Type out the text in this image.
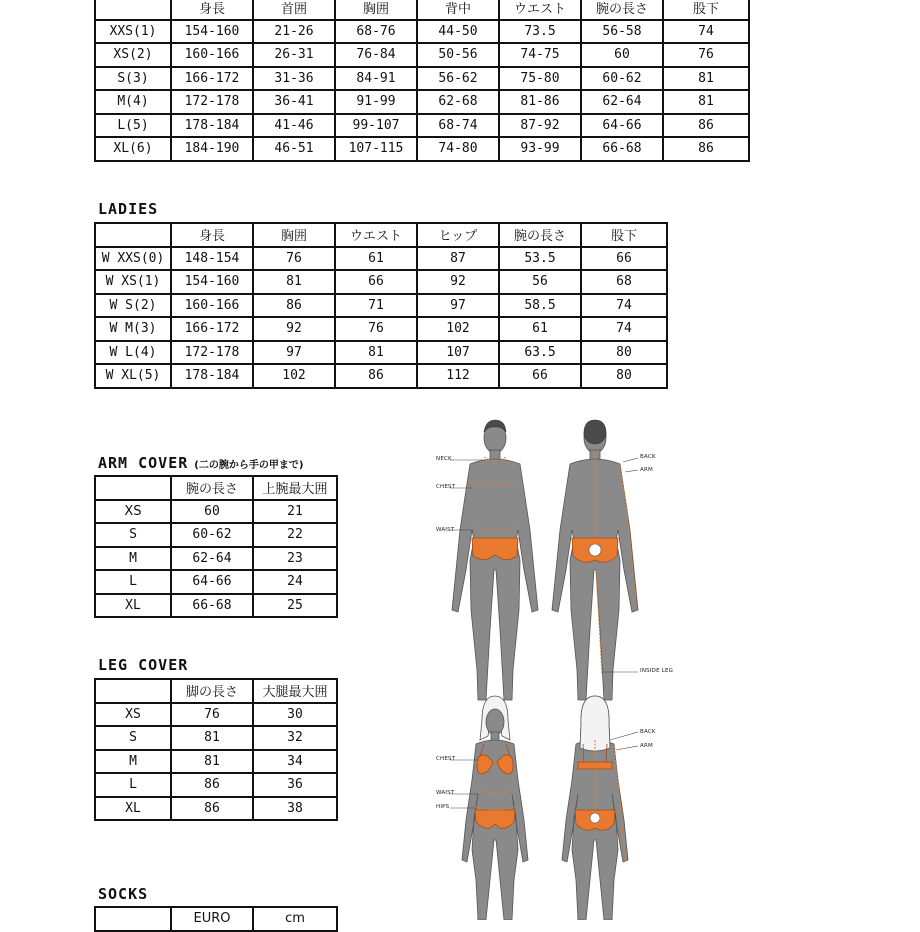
	身長	首囲	胸囲	背中	ウエスト	腕の長さ	股下
XXS(1)	154-160	21-26	68-76	44-50	73.5	56-58	74
XS(2)	160-166	26-31	76-84	50-56	74-75	60	76
S(3)	166-172	31-36	84-91	56-62	75-80	60-62	81
M(4)	172-178	36-41	91-99	62-68	81-86	62-64	81
L(5)	178-184	41-46	99-107	68-74	87-92	64-66	86
XL(6)	184-190	46-51	107-115	74-80	93-99	66-68	86
LADIES
	身長	胸囲	ウエスト	ヒップ	腕の長さ	股下
W XXS(0)	148-154	76	61	87	53.5	66
W XS(1)	154-160	81	66	92	56	68
W S(2)	160-166	86	71	97	58.5	74
W M(3)	166-172	92	76	102	61	74
W L(4)	172-178	97	81	107	63.5	80
W XL(5)	178-184	102	86	112	66	80
ARM COVER (二の腕から手の甲まで)
	腕の長さ	上腕最大囲
XS	60	21
S	60-62	22
M	62-64	23
L	64-66	24
XL	66-68	25
LEG COVER
	脚の長さ	大腿最大囲
XS	76	30
S	81	32
M	81	34
L	86	36
XL	86	38
SOCKS
	EURO	cm
NECK
CHEST
WAIST
BACK
ARM
INSIDE LEG
CHEST
WAIST
HIPS
BACK
ARM
